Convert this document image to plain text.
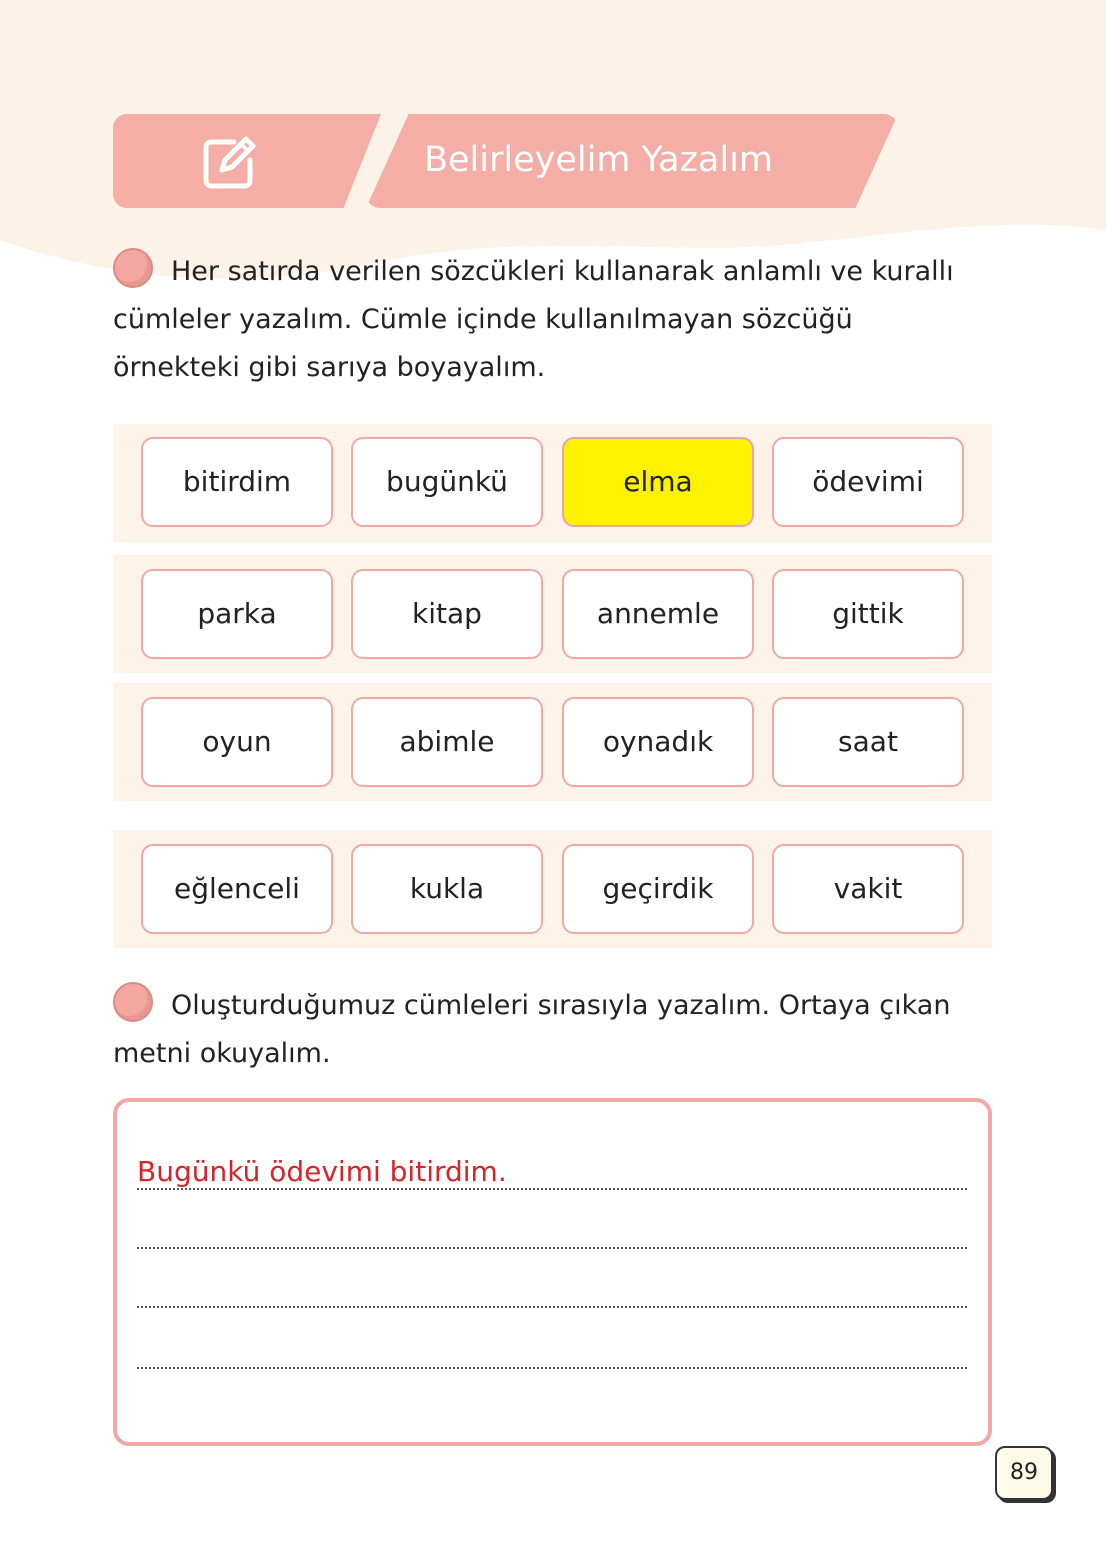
Belirleyelim Yazalım
Her satırda verilen sözcükleri kullanarak anlamlı ve kurallı cümleler yazalım. Cümle içinde kullanılmayan sözcüğü örnekteki gibi sarıya boyayalım.
bitirdim	bugünkü	elma	ödevimi
parka	kitap	annemle	gittik
oyun	abimle	oynadık	saat
eğlenceli	kukla	geçirdik	vakit
Oluşturduğumuz cümleleri sırasıyla yazalım. Ortaya çıkan metni okuyalım.
Bugünkü ödevimi bitirdim.
89
